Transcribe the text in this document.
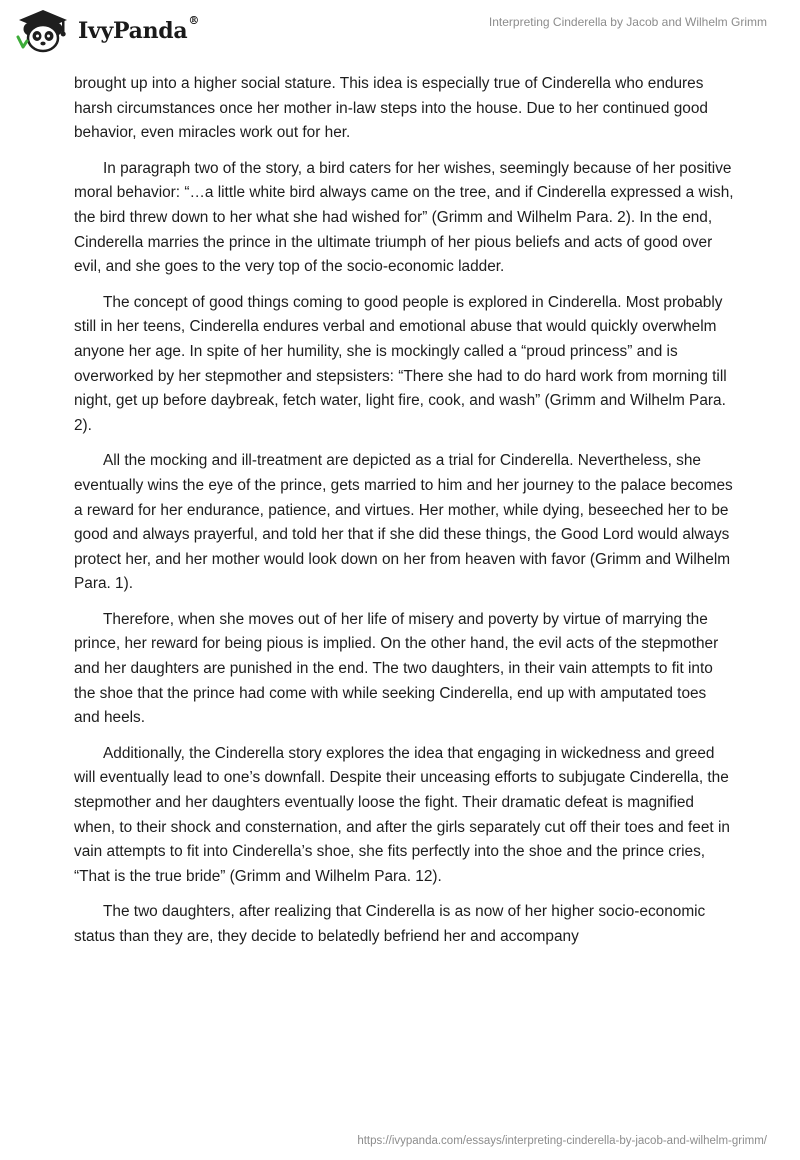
IvyPanda®	Interpreting Cinderella by Jacob and Wilhelm Grimm

brought up into a higher social stature. This idea is especially true of Cinderella who endures harsh circumstances once her mother in-law steps into the house. Due to her continued good behavior, even miracles work out for her.

In paragraph two of the story, a bird caters for her wishes, seemingly because of her positive moral behavior: “…a little white bird always came on the tree, and if Cinderella expressed a wish, the bird threw down to her what she had wished for” (Grimm and Wilhelm Para. 2). In the end, Cinderella marries the prince in the ultimate triumph of her pious beliefs and acts of good over evil, and she goes to the very top of the socio-economic ladder.

The concept of good things coming to good people is explored in Cinderella. Most probably still in her teens, Cinderella endures verbal and emotional abuse that would quickly overwhelm anyone her age. In spite of her humility, she is mockingly called a “proud princess” and is overworked by her stepmother and stepsisters: “There she had to do hard work from morning till night, get up before daybreak, fetch water, light fire, cook, and wash” (Grimm and Wilhelm Para. 2).

All the mocking and ill-treatment are depicted as a trial for Cinderella. Nevertheless, she eventually wins the eye of the prince, gets married to him and her journey to the palace becomes a reward for her endurance, patience, and virtues. Her mother, while dying, beseeched her to be good and always prayerful, and told her that if she did these things, the Good Lord would always protect her, and her mother would look down on her from heaven with favor (Grimm and Wilhelm Para. 1).

Therefore, when she moves out of her life of misery and poverty by virtue of marrying the prince, her reward for being pious is implied. On the other hand, the evil acts of the stepmother and her daughters are punished in the end. The two daughters, in their vain attempts to fit into the shoe that the prince had come with while seeking Cinderella, end up with amputated toes and heels.

Additionally, the Cinderella story explores the idea that engaging in wickedness and greed will eventually lead to one’s downfall. Despite their unceasing efforts to subjugate Cinderella, the stepmother and her daughters eventually loose the fight. Their dramatic defeat is magnified when, to their shock and consternation, and after the girls separately cut off their toes and feet in vain attempts to fit into Cinderella’s shoe, she fits perfectly into the shoe and the prince cries, “That is the true bride” (Grimm and Wilhelm Para. 12).

The two daughters, after realizing that Cinderella is as now of her higher socio-economic status than they are, they decide to belatedly befriend her and accompany

https://ivypanda.com/essays/interpreting-cinderella-by-jacob-and-wilhelm-grimm/
